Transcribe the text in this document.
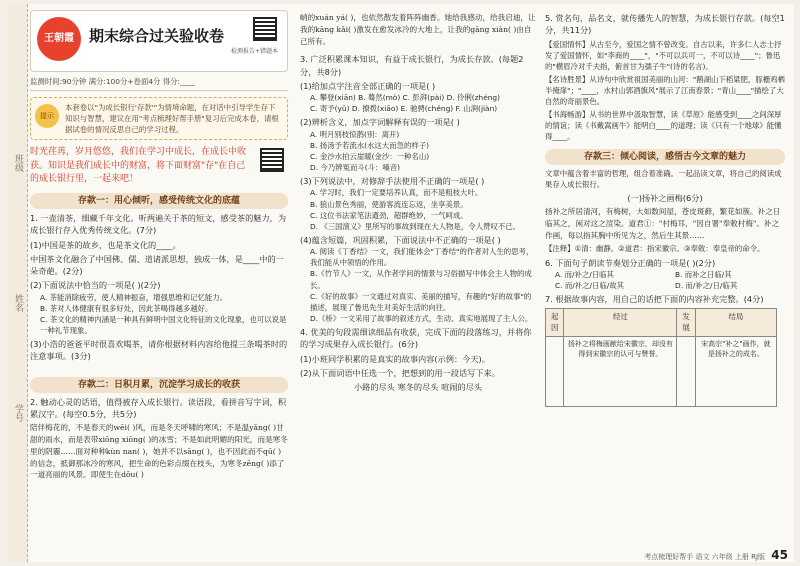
班级
姓名
学号
王朝霞	期末综合过关验收卷
检测报告+错题本
监测时间:90分钟 满分:100分+卷面4分 得分:____
提示
本套卷以"为成长银行'存款'"为情境命题，在对话中引导学生存下知识与智慧，建议在用"考点梳理好帮手册"复习后完成本卷，请根据试卷的情况反思自己的学习过程。
时光荏苒，岁月悠悠，我们在学习中成长，在成长中收获。知识是我们成长中的财富，将下面财富"存"在自己的成长银行里，一起来吧！
存款一：用心倾听，感受传统文化的底蕴
1. 一壶清茶，细藏千年文化。听两遍关于茶的短文，感受茶的魅力，为成长银行存入优秀传统文化。(7分)
(1)中国是茶的故乡，也是茶文化的____。
中国茶文化融合了中国佛、儒、道诸派思想，独成一体，是____中的一朵奇葩。(2分)
(2)下面说法中恰当的一项是( )(2分)
A. 茶能消除疲劳，使人精神振奋，增强思维和记忆能力。
B. 茶对人体健康有很多好处，因此茶喝得越多越好。
C. 茶文化的精神内涵是一种具有鲜明中国文化特征的文化现象，也可以说是一种礼节现象。
(3)小浩的爸爸平时很喜欢喝茶，请你根据材料内容给他提三条喝茶时的注意事项。(3分)
存款二：日积月累，沉淀学习成长的收获
2. 触动心灵的话语，值得被存入成长银行。读语段，看拼音写字词，积累汉字。(每空0.5分，共5分)
陪伴梅花的，不是春天的wēi( )风，而是冬天呼啸的寒风；不是温yǎng( )甘甜的雨水，而是表带xiōng xiōng( )的冰雪；不是如此明媚的阳光，而是寒冬里的阴霾……面对种种kùn nan( )，她并不以sāng( )，也不因此而不qū( )的信念，抵御那冰冷的寒风，把生命的色彩点缀在枝头，为寒冬zēng( )添了一道亮丽的风景。即使生在dōu( )
峭的xuán yá( )，也依然散发着阵阵幽香。她给我感动，给我启迪，让我的kāng kǎi( )激发在愈发冰冷的大地上，让我的gāng xiàn( )由自己所有。
3. 广泛积累课本知识，有益于成长银行，为成长存款。(每题2分，共8分)
(1)给加点字注音全部正确的一项是( )
A. 攀登(xiān) B. 蓦然(mò) C. 彭湃(pài) D. 伶俐(zhéng)
C. 寄予(yǔ) D. 撩拨(xiāo) E. 驰骋(chěng) F. 山涧(jiàn)
(2)辨析含义，加点字词解释有误的一项是( )
A. 明月别枝惊鹊(别：离开)
B. 扬汤予若流水(水这大而急的样子)
C. 金沙水拍云崖暖(金沙：一种名山)
D. 今乃辨冤而斗(斗：嗓音)
(3)下列说法中，对修辞手法使用不正确的一项是( )
A. 学习时，我们一定要培养认真，而不是粗枝大叶。
B. 狼山景色秀丽，使游客流连忘返，坐享美景。
C. 这位书法家笔法遒劲，超群绝妙，一气呵成。
D. 《三国演义》里所写的事故到现在大人物是，令人赞叹不已。
(4)蕴含短篇，巩固积累，下面说法中不正确的一项是( )
A. 阅读《丁香结》一文，我们能体会"丁香结"的作者对人生的思考，我们能从中领悟的作用。
B.《竹节人》一文，从作者学问的情景与习俗描写中体会主人物的成长。
C.《好的故事》一文通过对真实、美丽的描写，有趣的"好的故事"的描述，展现了鲁迅先生对美好生活的向往。
D.《桥》一文采用了故事的叙述方式，生动、真实地展现了主人公。
4. 优美的句段需细读细品有收获，完成下面的段落练习，并将你的学习成果存入成长银行。(6分)
(1)小班同学积累的是真实的故事内容(示例：今天)。
(2)从下面词语中任选一个，把想到的用一段话写下来。
小路的尽头 寒冬的尽头 喧闹的尽头
5. 赏名句，品名文，就传播先人的智慧，为成长银行存款。(每空1分，共11分)
【爱国情怀】从古至今，爱国之情不曾改变。自古以来，许多仁人志士抒发了爱国情怀，如"李商的____"，"不可以兵可一，不可以诗____"；鲁迅的"横眉冷对千夫指，俯首甘为孺子牛"(诗的名言)。
【名诗胜景】从诗句中欣赏祖国美丽的山河："鹅湖山下稻粱肥，豚栅鸡栖半掩扉"；"____，水村山郭酒旗风"展示了江南春景；"青山____"描绘了大自然的奇丽景色。
【书海畅游】从书的世界中汲取智慧，读《草原》能感受到____之间深厚的情谊；读《书戴嵩画牛》能明白____的道理；读《只有一个地球》能懂得____。
存款三：倾心阅读，感悟古今文章的魅力
文章中蕴含着丰富的哲理，组合着准确。一起品读文章，将自己的阅读成果存入成长银行。
(一)扬补之画梅(6分)
扬补之所居清河，有梅树，大如数间屋，苍皮斑藓，繁花如簇。补之日临其之，闲对这之渲染。道君①："村梅耳，"因自署"奉敕村梅"。补之作画，每以指其胸中所见为之，然后生其景……
【注释】①清：幽静。②道君：指宋徽宗。③奉敕：奉皇帝的命令。
6. 下面句子朗读节奏划分正确的一项是( )(2分)
A. 而/补之/日临其	B. 而补之日临/其
C. 而/补之/日临/故其	D. 而/补之/日/临其
7. 根据故事内容，用自己的话把下面的内容补充完整。(4分)
起因	经过	发展	结局
	扬补之将梅画献给宋徽宗，却没有得到宋徽宗的认可与赞誉。		宋高宗"补之"画作，就是扬补之的成名。
考点梳理好帮手 语文 六年级 上册 RJ版 45
